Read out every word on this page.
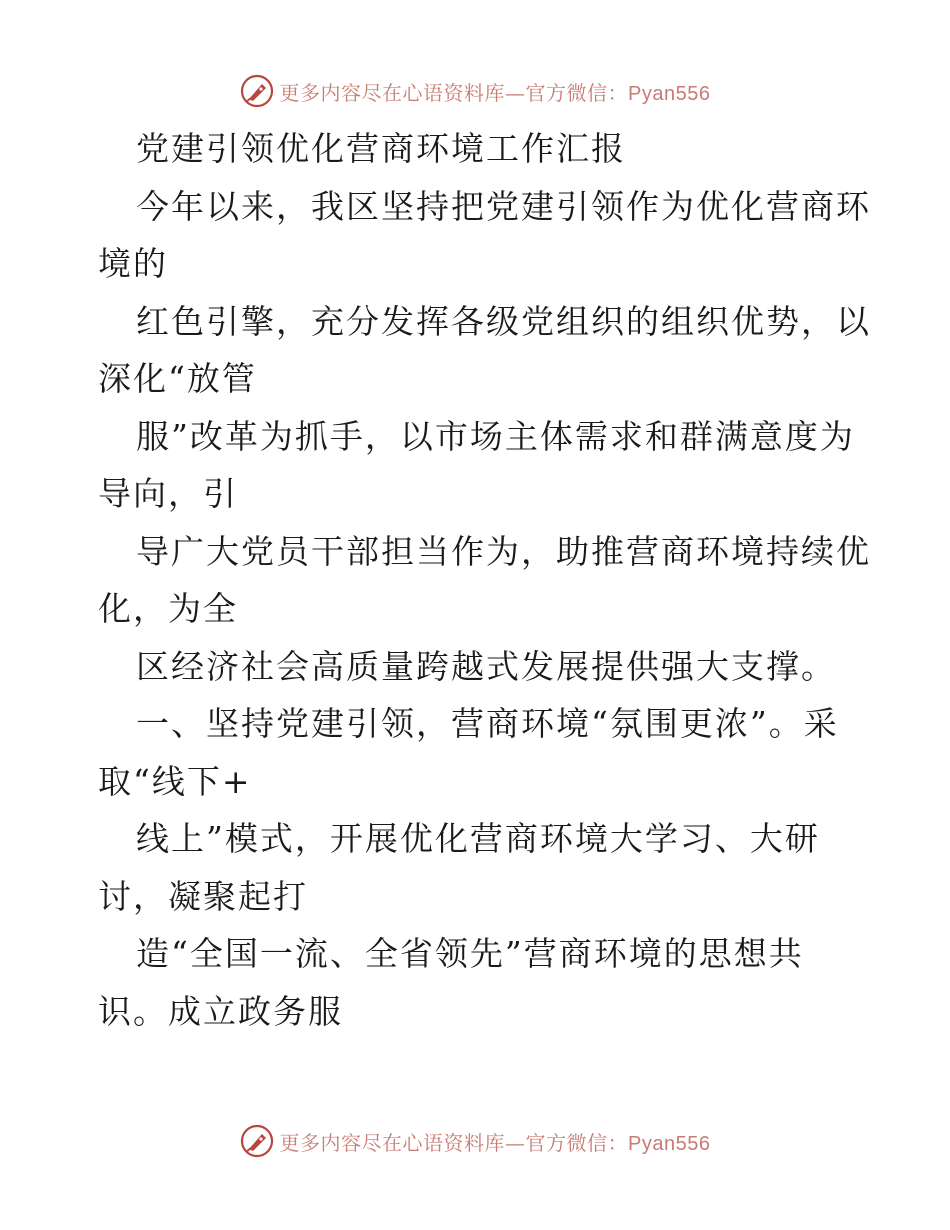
更多内容尽在心语资料库—官方微信：Pyan556
党建引领优化营商环境工作汇报
今年以来，我区坚持把党建引领作为优化营商环
境的
红色引擎，充分发挥各级党组织的组织优势，以
深化“放管
服”改革为抓手，以市场主体需求和群满意度为
导向，引
导广大党员干部担当作为，助推营商环境持续优
化，为全
区经济社会高质量跨越式发展提供强大支撑。
一、坚持党建引领，营商环境“氛围更浓”。采
取“线下+
线上”模式，开展优化营商环境大学习、大研
讨，凝聚起打
造“全国一流、全省领先”营商环境的思想共
识。成立政务服
更多内容尽在心语资料库—官方微信：Pyan556
